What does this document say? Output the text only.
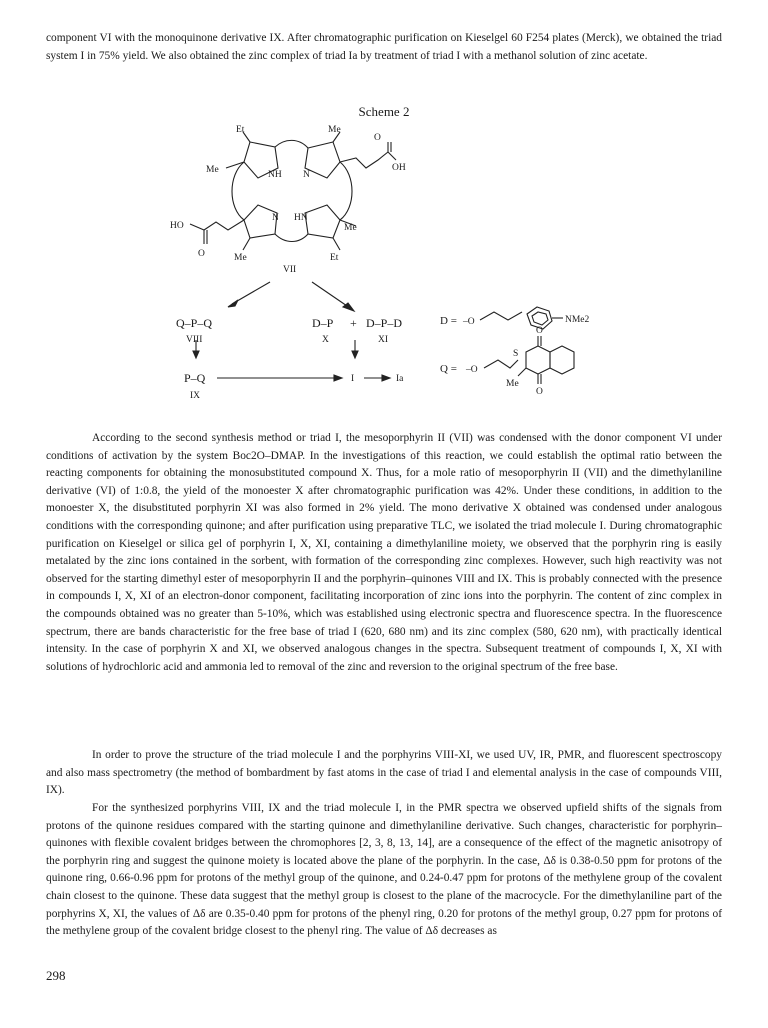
component VI with the monoquinone derivative IX. After chromatographic purification on Kieselgel 60 F254 plates (Merck), we obtained the triad system I in 75% yield. We also obtained the zinc complex of triad Ia by treatment of triad I with a methanol solution of zinc acetate.

Scheme 2
Et	Me
O
Me	NH N
OH
N HN
Me
HO
O	Me	Et
VII
Q–P–Q
VIII
D–P + D–P–D
X	XI
P–Q
IX
I	Ia
D = –O	NMe2
Q = –O
S
O
O
Me

According to the second synthesis method or triad I, the mesoporphyrin II (VII) was condensed with the donor component VI under conditions of activation by the system Boc2O–DMAP. In the investigations of this reaction, we could establish the optimal ratio between the reacting components for obtaining the monosubstituted compound X. Thus, for a mole ratio of mesoporphyrin II (VII) and the dimethylaniline derivative (VI) of 1:0.8, the yield of the monoester X after chromatographic purification was 42%. Under these conditions, in addition to the monoester X, the disubstituted porphyrin XI was also formed in 2% yield. The mono derivative X obtained was condensed under analogous conditions with the corresponding quinone; and after purification using preparative TLC, we isolated the triad molecule I. During chromatographic purification on Kieselgel or silica gel of porphyrin I, X, XI, containing a dimethylaniline moiety, we observed that the porphyrin ring is easily metalated by the zinc ions contained in the sorbent, with formation of the corresponding zinc complexes. However, such high reactivity was not observed for the starting dimethyl ester of mesoporphyrin II and the porphyrin–quinones VIII and IX. This is probably connected with the presence in compounds I, X, XI of an electron-donor component, facilitating incorporation of zinc ions into the porphyrin. The content of zinc complex in the compounds obtained was no greater than 5-10%, which was established using electronic spectra and fluorescence spectra. In the fluorescence spectrum, there are bands characteristic for the free base of triad I (620, 680 nm) and its zinc complex (580, 620 nm), with practically identical intensity. In the case of porphyrin X and XI, we observed analogous changes in the spectra. Subsequent treatment of compounds I, X, XI with solutions of hydrochloric acid and ammonia led to removal of the zinc and reversion to the original spectrum of the free base.

In order to prove the structure of the triad molecule I and the porphyrins VIII-XI, we used UV, IR, PMR, and fluorescent spectroscopy and also mass spectrometry (the method of bombardment by fast atoms in the case of triad I and elemental analysis in the case of compounds VIII, IX).

For the synthesized porphyrins VIII, IX and the triad molecule I, in the PMR spectra we observed upfield shifts of the signals from protons of the quinone residues compared with the starting quinone and dimethylaniline derivative. Such changes, characteristic for porphyrin–quinones with flexible covalent bridges between the chromophores [2, 3, 8, 13, 14], are a consequence of the effect of the magnetic anisotropy of the porphyrin ring and suggest the quinone moiety is located above the plane of the porphyrin. In the case, Δδ is 0.38-0.50 ppm for protons of the quinone ring, 0.66-0.96 ppm for protons of the methyl group of the quinone, and 0.24-0.47 ppm for protons of the methylene group of the covalent chain closest to the quinone. These data suggest that the methyl group is closest to the plane of the macrocycle. For the dimethylaniline part of the porphyrins X, XI, the values of Δδ are 0.35-0.40 ppm for protons of the phenyl ring, 0.20 for protons of the methyl group, 0.27 ppm for protons of the methylene group of the covalent bridge closest to the phenyl ring. The value of Δδ decreases as

298
